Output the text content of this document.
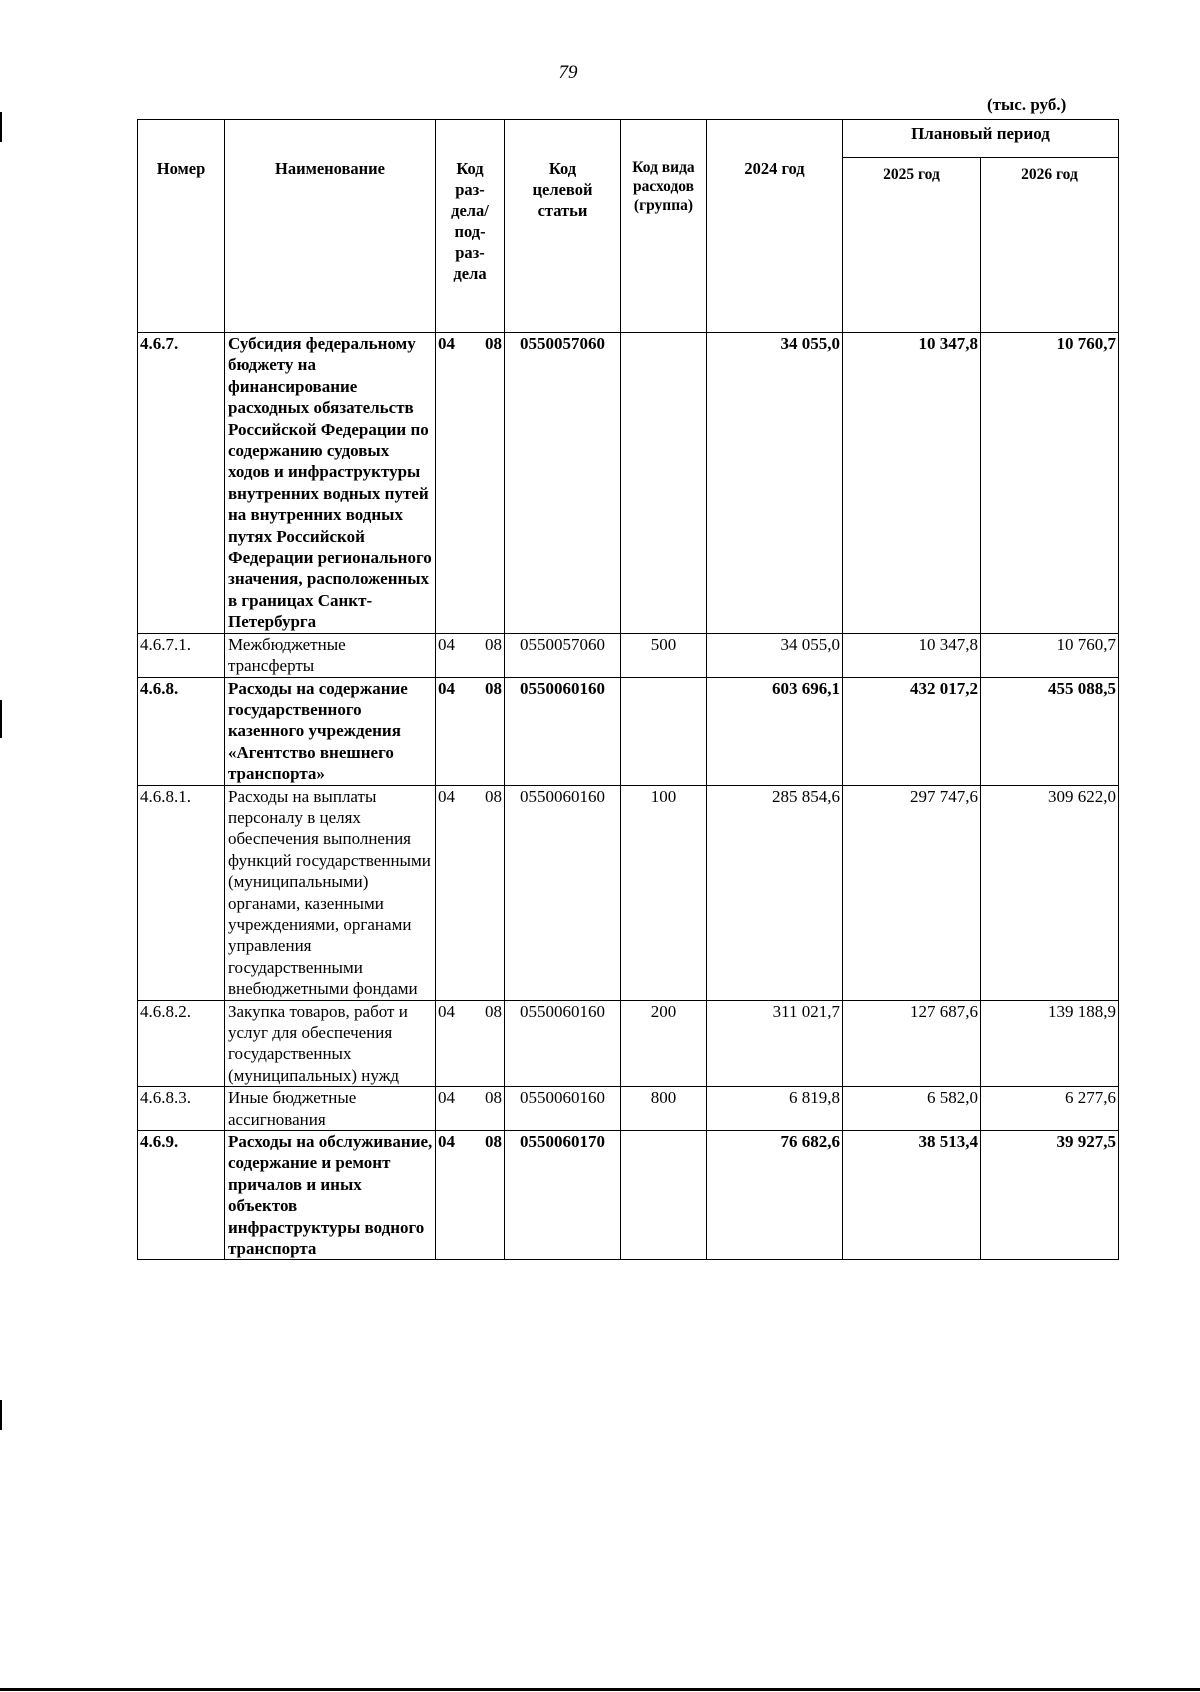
79
(тыс. руб.)
Номер	Наименование	Код раз-дела/ под-раз-дела	Код целевой статьи	Код вида расходов (группа)	2024 год	Плановый период	
						2025 год	2026 год
4.6.7.	Субсидия федеральному бюджету на финансирование расходных обязательств Российской Федерации по содержанию судовых ходов и инфраструктуры внутренних водных путей на внутренних водных путях Российской Федерации регионального значения, расположенных в границах Санкт-Петербурга	04 08	0550057060		34 055,0	10 347,8	10 760,7
4.6.7.1.	Межбюджетные трансферты	04 08	0550057060	500	34 055,0	10 347,8	10 760,7
4.6.8.	Расходы на содержание государственного казенного учреждения «Агентство внешнего транспорта»	04 08	0550060160		603 696,1	432 017,2	455 088,5
4.6.8.1.	Расходы на выплаты персоналу в целях обеспечения выполнения функций государственными (муниципальными) органами, казенными учреждениями, органами управления государственными внебюджетными фондами	04 08	0550060160	100	285 854,6	297 747,6	309 622,0
4.6.8.2.	Закупка товаров, работ и услуг для обеспечения государственных (муниципальных) нужд	04 08	0550060160	200	311 021,7	127 687,6	139 188,9
4.6.8.3.	Иные бюджетные ассигнования	04 08	0550060160	800	6 819,8	6 582,0	6 277,6
4.6.9.	Расходы на обслуживание, содержание и ремонт причалов и иных объектов инфраструктуры водного транспорта	04 08	0550060170		76 682,6	38 513,4	39 927,5
